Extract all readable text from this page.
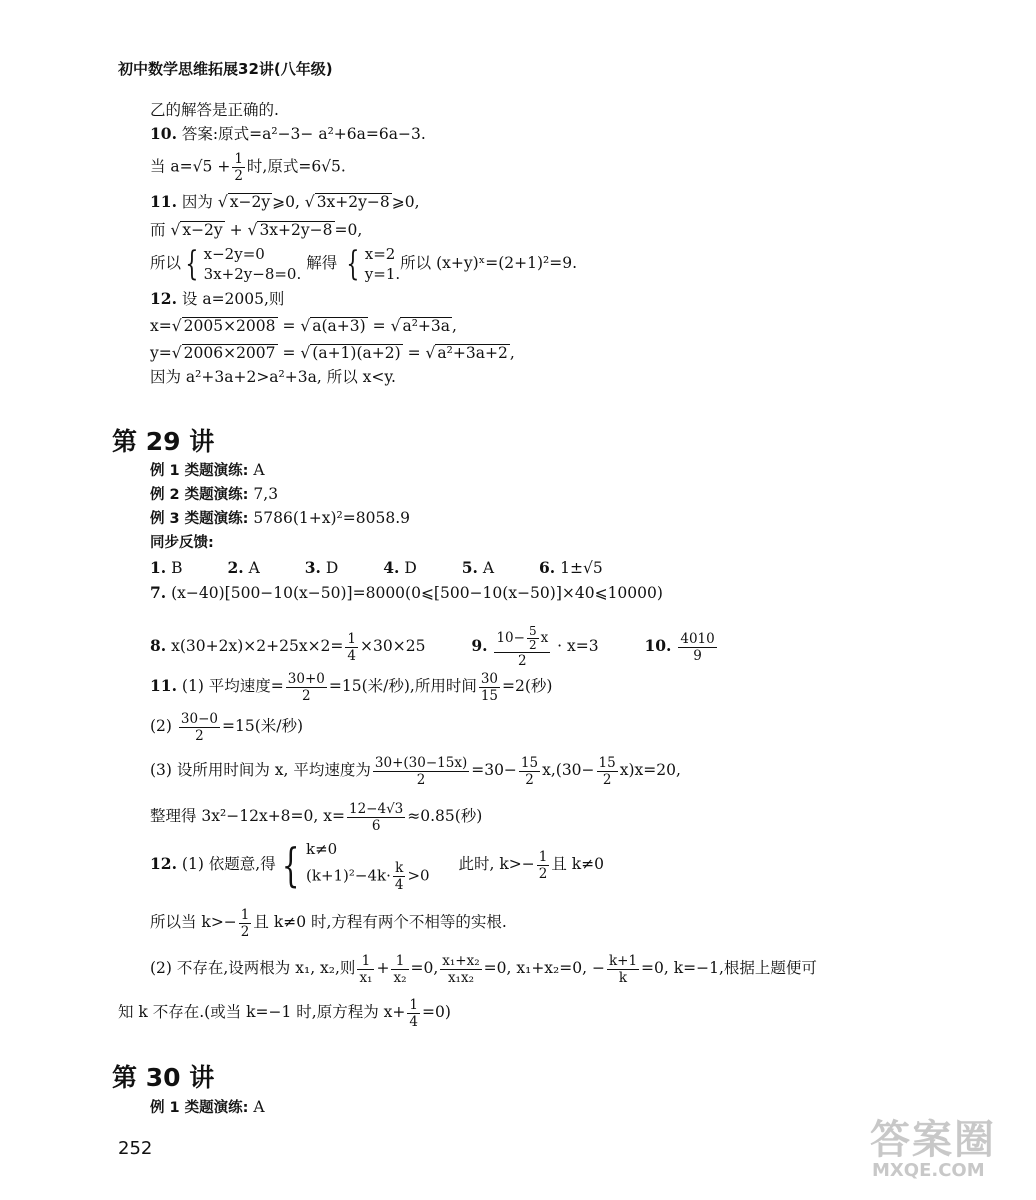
初中数学思维拓展32讲(八年级)
乙的解答是正确的.
10. 答案:原式=a²−3− a²+6a=6a−3.
当 $a=√5 + \frac{1}{2}$ 时,原式=6√5.
11. 因为 √ x−2y ⩾0, √ 3x+2y−8 ⩾0,
而 √ x−2y + √ 3x+2y−8 =0,
所以 { x−2y=0
3x+2y−8=0. 解得 { x=2
y=1.所以 (x+y)ˣ=(2+1)²=9.
12. 设 a=2005,则
x=√ 2005×2008 = √ a(a+3) = √ a²+3a ,
y=√ 2006×2007 = √ (a+1)(a+2) = √ a²+3a+2 ,
因为 a²+3a+2>a²+3a, 所以 x<y.
第 29 讲
例 1 类题演练: A
例 2 类题演练: 7,3
例 3 类题演练: 5786(1+x)²=8058.9
同步反馈:
1. B	2. A	3. D	4. D	5. A	6. 1±√5
7. (x−40)[500−10(x−50)]=8000(0⩽[500−10(x−50)]×40⩽10000)
8. $x(30+2x)\times 2+25x\times 2= \frac{1}{4} \times 30\times 25$	9. $\frac{10- \frac{5}{2} x}{2} \cdot x=3$	10. $\frac{4010}{9}$
11. (1) 平均速度= $\frac{30+0}{2} =15$(米/秒),所用时间 $\frac{30}{15} =2$(秒)
$(2) \frac{30-0}{2} =15$(米/秒)
(3) 设所用时间为 x, 平均速度为 $\frac{30+(30-15x)}{2} =30- \frac{15}{2} x,(30- \frac{15}{2} x)x=20$,
整理得 3x²−12x+8=0, $x= \frac{12-4√3}{6} \approx 0.85$(秒)
12. (1) 依题意,得 { k≠0
$(k+1)^2-4k\cdot \frac{k}{4} >0$ 此时, $k>- \frac{1}{2}$ 且 k≠0
所以当 $k>- \frac{1}{2}$ 且 k≠0 时,方程有两个不相等的实根.
(2) 不存在,设两根为 x₁, x₂,则 $\frac{1}{\text{x₁}} + \frac{1}{\text{x₂}} =0$, $\frac{\text{x₁+x₂}}{\text{x₁x₂}} =0$, x₁+x₂=0, − $\frac{k+1}{k} =0$, k=−1,根据上题便可
知 k 不存在.(或当 k=−1 时,原方程为 $x+ \frac{1}{4} =0$)
第 30 讲
例 1 类题演练: A
252	答案圈
MXQE.COM
